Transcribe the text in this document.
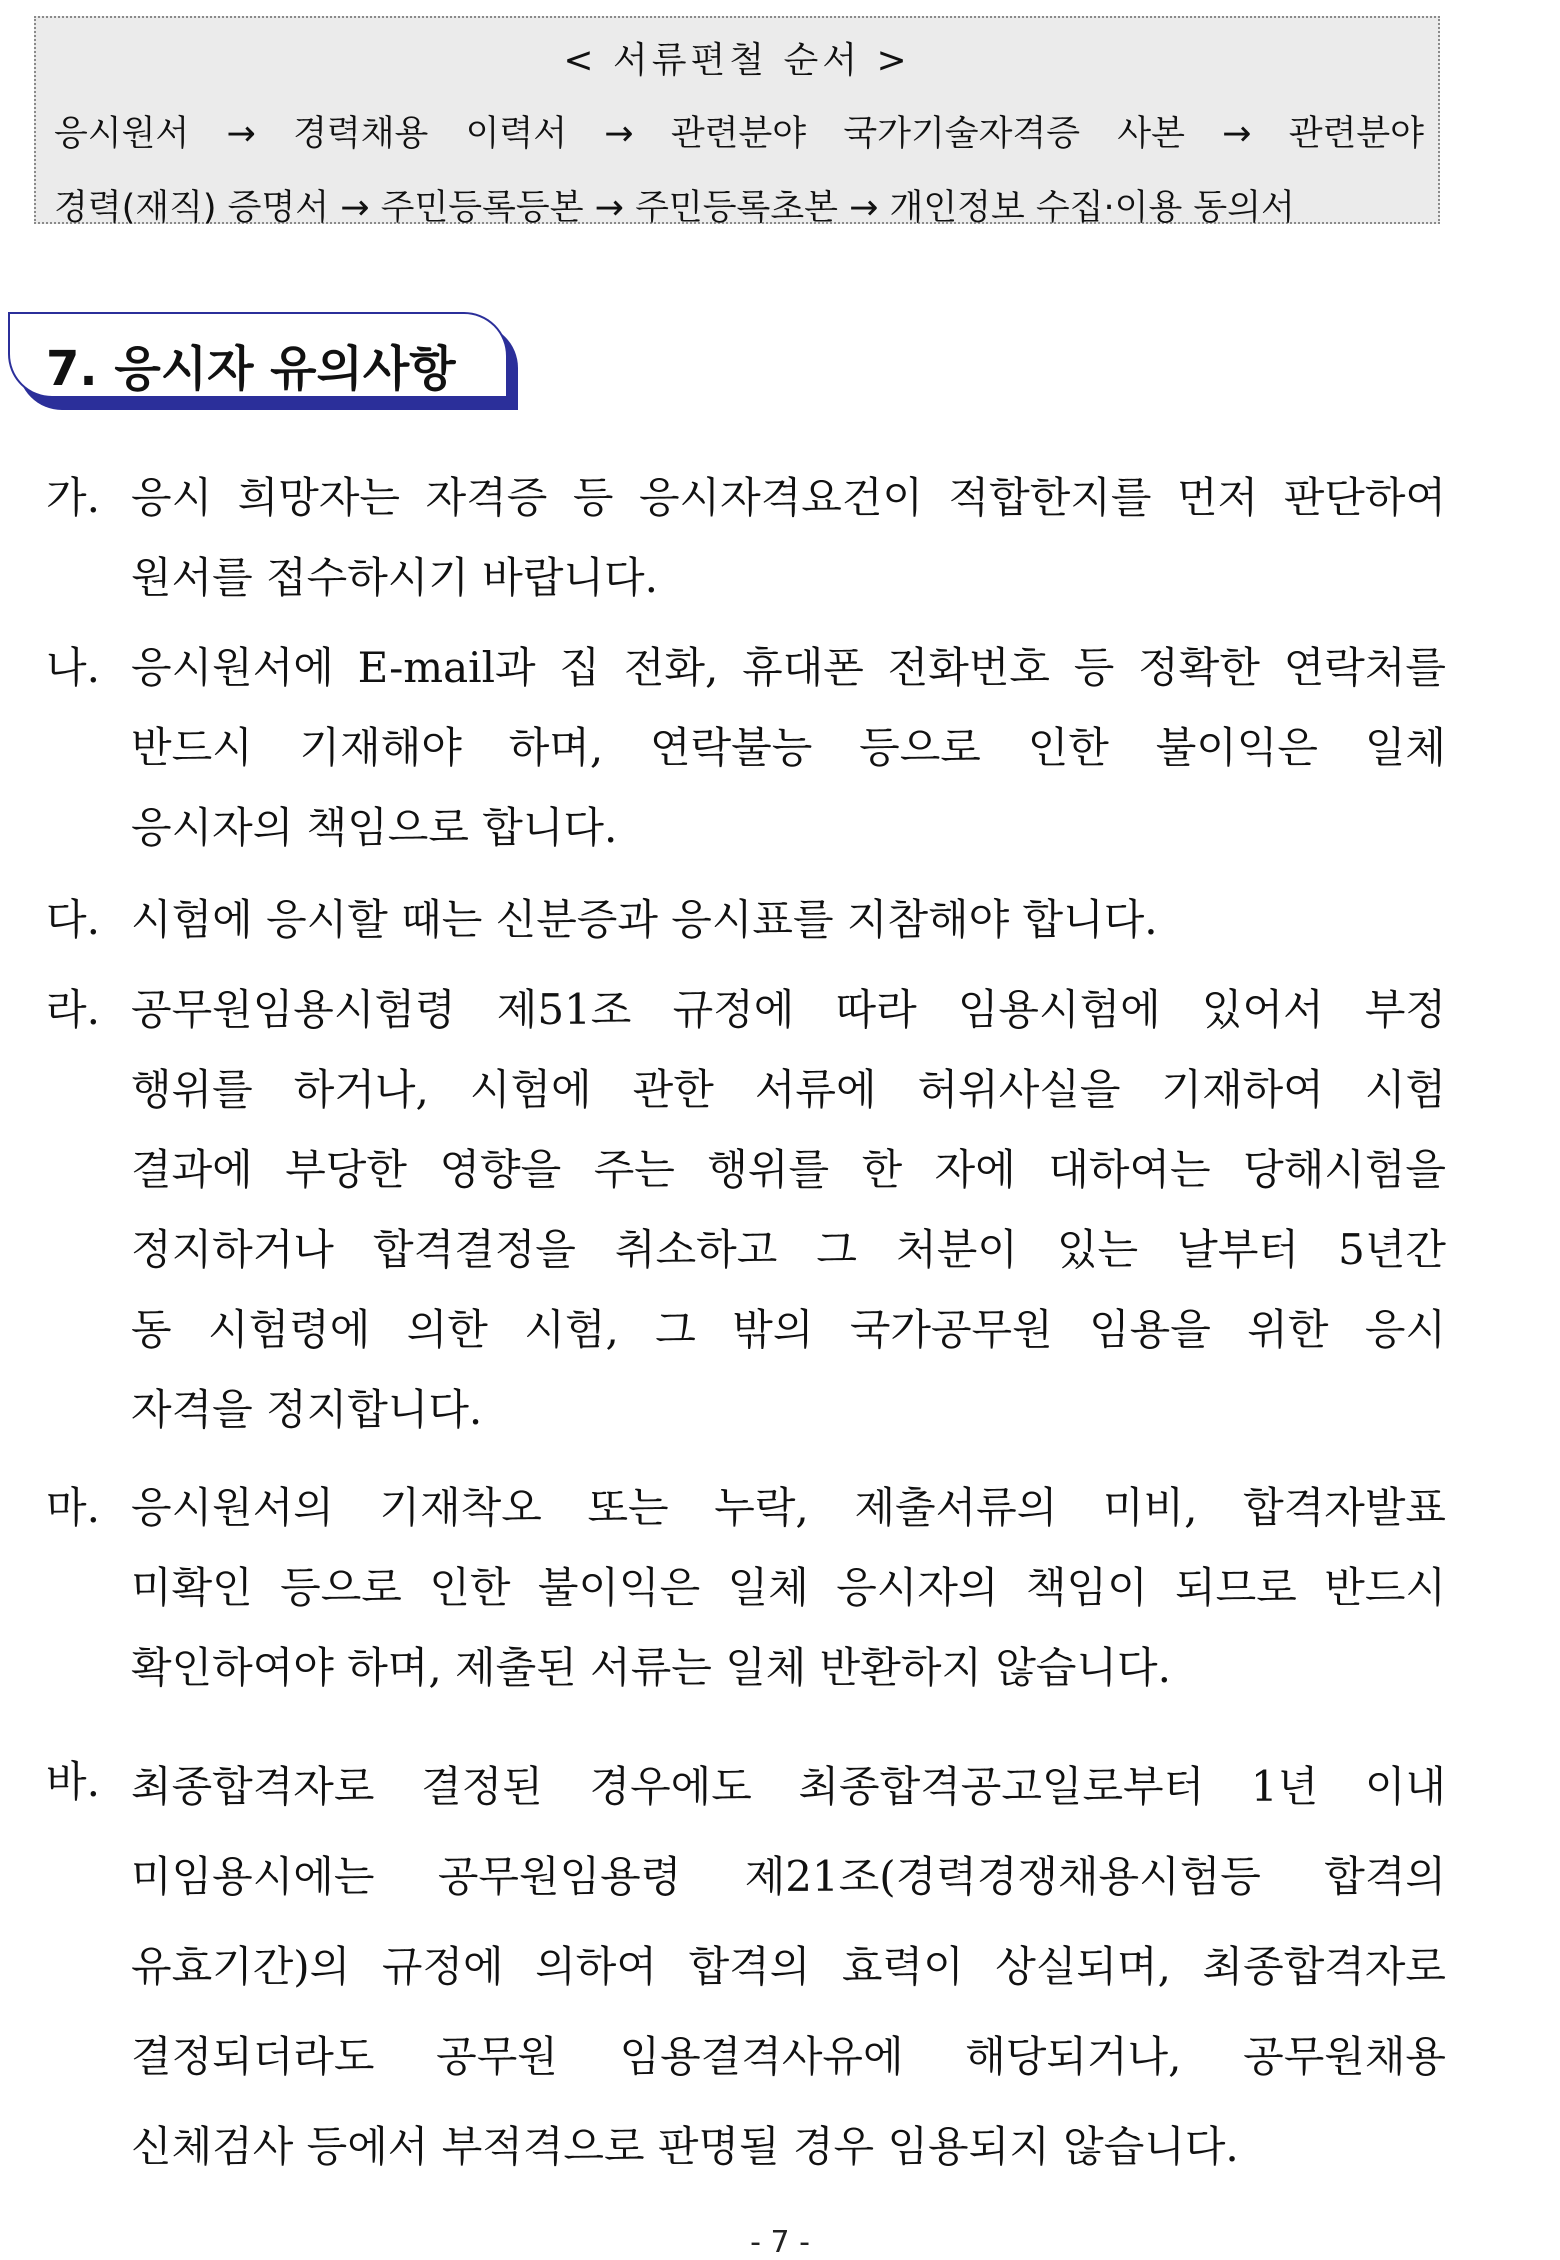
< 서류편철 순서 >
응시원서 → 경력채용 이력서 → 관련분야 국가기술자격증 사본 → 관련분야
경력(재직) 증명서 → 주민등록등본 → 주민등록초본 → 개인정보 수집·이용 동의서
7. 응시자 유의사항
가. 응시 희망자는 자격증 등 응시자격요건이 적합한지를 먼저 판단하여
원서를 접수하시기 바랍니다.
나. 응시원서에 E-mail과 집 전화, 휴대폰 전화번호 등 정확한 연락처를
반드시 기재해야 하며, 연락불능 등으로 인한 불이익은 일체
응시자의 책임으로 합니다.
다. 시험에 응시할 때는 신분증과 응시표를 지참해야 합니다.
라. 공무원임용시험령 제51조 규정에 따라 임용시험에 있어서 부정
행위를 하거나, 시험에 관한 서류에 허위사실을 기재하여 시험
결과에 부당한 영향을 주는 행위를 한 자에 대하여는 당해시험을
정지하거나 합격결정을 취소하고 그 처분이 있는 날부터 5년간
동 시험령에 의한 시험, 그 밖의 국가공무원 임용을 위한 응시
자격을 정지합니다.
마. 응시원서의 기재착오 또는 누락, 제출서류의 미비, 합격자발표
미확인 등으로 인한 불이익은 일체 응시자의 책임이 되므로 반드시
확인하여야 하며, 제출된 서류는 일체 반환하지 않습니다.
바. 최종합격자로 결정된 경우에도 최종합격공고일로부터 1년 이내
미임용시에는 공무원임용령 제21조(경력경쟁채용시험등 합격의
유효기간)의 규정에 의하여 합격의 효력이 상실되며, 최종합격자로
결정되더라도 공무원 임용결격사유에 해당되거나, 공무원채용
신체검사 등에서 부적격으로 판명될 경우 임용되지 않습니다.
- 7 -
